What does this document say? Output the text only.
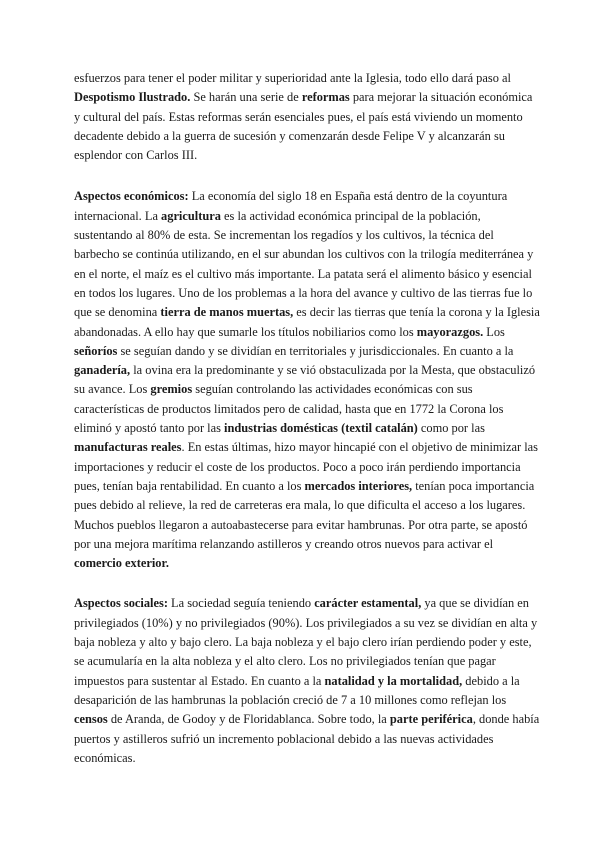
esfuerzos para tener el poder militar y superioridad ante la Iglesia, todo ello dará paso al Despotismo Ilustrado. Se harán una serie de reformas para mejorar la situación económica y cultural del país. Estas reformas serán esenciales pues, el país está viviendo un momento decadente debido a la guerra de sucesión y comenzarán desde Felipe V y alcanzarán su esplendor con Carlos III.

Aspectos económicos: La economía del siglo 18 en España está dentro de la coyuntura internacional. La agricultura es la actividad económica principal de la población, sustentando al 80% de esta. Se incrementan los regadíos y los cultivos, la técnica del barbecho se continúa utilizando, en el sur abundan los cultivos con la trilogía mediterránea y en el norte, el maíz es el cultivo más importante. La patata será el alimento básico y esencial en todos los lugares. Uno de los problemas a la hora del avance y cultivo de las tierras fue lo que se denomina tierra de manos muertas, es decir las tierras que tenía la corona y la Iglesia abandonadas. A ello hay que sumarle los títulos nobiliarios como los mayorazgos. Los señoríos se seguían dando y se dividían en territoriales y jurisdiccionales. En cuanto a la ganadería, la ovina era la predominante y se vió obstaculizada por la Mesta, que obstaculizó su avance. Los gremios seguían controlando las actividades económicas con sus características de productos limitados pero de calidad, hasta que en 1772 la Corona los eliminó y apostó tanto por las industrias domésticas (textil catalán) como por las manufacturas reales. En estas últimas, hizo mayor hincapié con el objetivo de minimizar las importaciones y reducir el coste de los productos. Poco a poco irán perdiendo importancia pues, tenían baja rentabilidad. En cuanto a los mercados interiores, tenían poca importancia pues debido al relieve, la red de carreteras era mala, lo que dificulta el acceso a los lugares. Muchos pueblos llegaron a autoabastecerse para evitar hambrunas. Por otra parte, se apostó por una mejora marítima relanzando astilleros y creando otros nuevos para activar el comercio exterior.

Aspectos sociales: La sociedad seguía teniendo carácter estamental, ya que se dividían en privilegiados (10%) y no privilegiados (90%). Los privilegiados a su vez se dividían en alta y baja nobleza y alto y bajo clero. La baja nobleza y el bajo clero irían perdiendo poder y este, se acumularía en la alta nobleza y el alto clero. Los no privilegiados tenían que pagar impuestos para sustentar al Estado. En cuanto a la natalidad y la mortalidad, debido a la desaparición de las hambrunas la población creció de 7 a 10 millones como reflejan los censos de Aranda, de Godoy y de Floridablanca. Sobre todo, la parte periférica, donde había puertos y astilleros sufrió un incremento poblacional debido a las nuevas actividades económicas.
